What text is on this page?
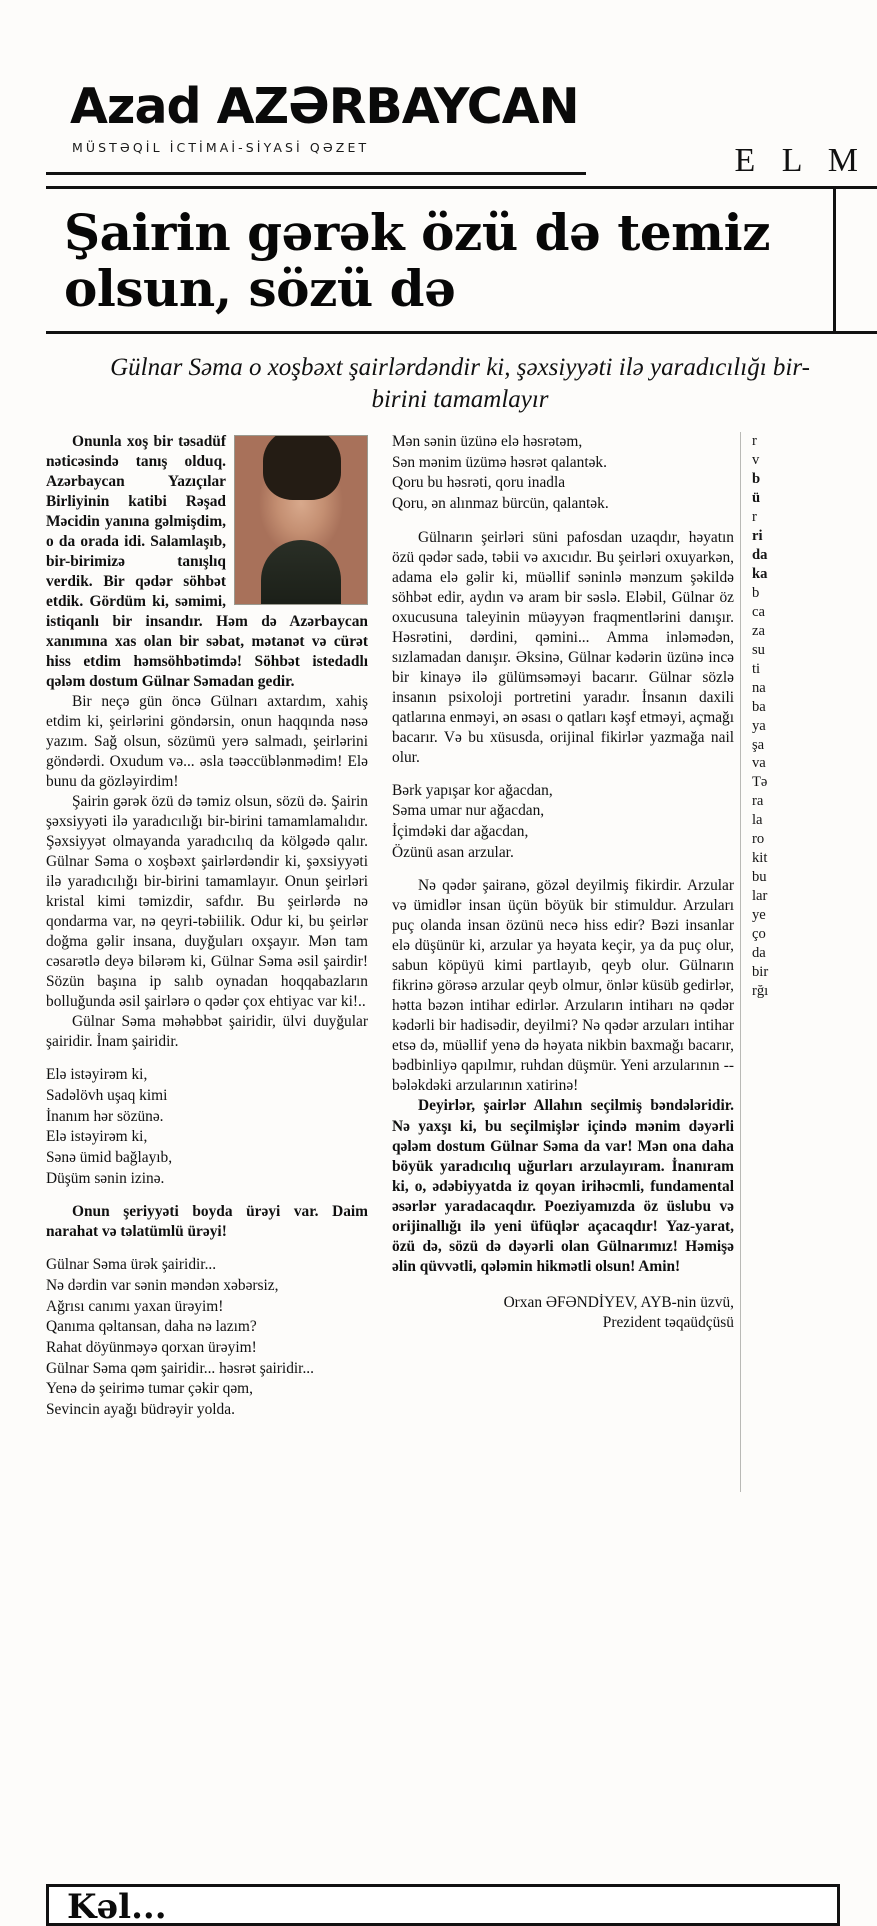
Azad AZƏRBAYCAN
MÜSTƏQİL İCTİMAİ-SİYASİ QƏZET	E L M
Şairin gərək özü də temiz olsun, sözü də
Gülnar Səma o xoşbəxt şairlərdəndir ki, şəxsiyyəti ilə yaradıcılığı bir-birini tamamlayır

Onunla xoş bir təsadüf nəticəsində tanış olduq. Azərbaycan Yazıçılar Birliyinin katibi Rəşad Məcidin yanına gəlmişdim, o da orada idi. Salamlaşıb, bir-birimizə tanışlıq verdik. Bir qədər söhbət etdik. Gördüm ki, səmimi, istiqanlı bir insandır. Həm də Azərbaycan xanımına xas olan bir səbat, mətanət və cürət hiss etdim həmsöhbətimdə! Söhbət istedadlı qələm dostum Gülnar Səmadan gedir.

Bir neçə gün öncə Gülnarı axtardım, xahiş etdim ki, şeirlərini göndərsin, onun haqqında nəsə yazım. Sağ olsun, sözümü yerə salmadı, şeirlərini göndərdi. Oxudum və... əsla təəccüblənmədim! Elə bunu da gözləyirdim!

Şairin gərək özü də təmiz olsun, sözü də. Şairin şəxsiyyəti ilə yaradıcılığı bir-birini tamamlamalıdır. Şəxsiyyət olmayanda yaradıcılıq da kölgədə qalır. Gülnar Səma o xoşbəxt şairlərdəndir ki, şəxsiyyəti ilə yaradıcılığı bir-birini tamamlayır. Onun şeirləri kristal kimi təmizdir, safdır. Bu şeirlərdə nə qondarma var, nə qeyri-təbiilik. Odur ki, bu şeirlər doğma gəlir insana, duyğuları oxşayır. Mən tam cəsarətlə deyə bilərəm ki, Gülnar Səma əsil şairdir! Sözün başına ip salıb oynadan hoqqabazların bolluğunda əsil şairlərə o qədər çox ehtiyac var ki!..

Gülnar Səma məhəbbət şairidir, ülvi duyğular şairidir. İnam şairidir.

Elə istəyirəm ki,

Sadəlövh uşaq kimi

İnanım hər sözünə.

Elə istəyirəm ki,

Sənə ümid bağlayıb,

Düşüm sənin izinə.

Onun şeriyyəti boyda ürəyi var. Daim narahat və təlatümlü ürəyi!

Gülnar Səma ürək şairidir...

Nə dərdin var sənin məndən xəbərsiz,

Ağrısı canımı yaxan ürəyim!

Qanıma qəltansan, daha nə lazım?

Rahat döyünməyə qorxan ürəyim!

Gülnar Səma qəm şairidir... həsrət şairidir...

Yenə də şeirimə tumar çəkir qəm,

Sevincin ayağı büdrəyir yolda.

Mən sənin üzünə elə həsrətəm,

Sən mənim üzümə həsrət qalantək.

Qoru bu həsrəti, qoru inadla

Qoru, ən alınmaz bürcün, qalantək.

Gülnarın şeirləri süni pafosdan uzaqdır, həyatın özü qədər sadə, təbii və axıcıdır. Bu şeirləri oxuyarkən, adama elə gəlir ki, müəllif səninlə mənzum şəkildə söhbət edir, aydın və aram bir səslə. Eləbil, Gülnar öz oxucusuna taleyinin müəyyən fraqmentlərini danışır. Həsrətini, dərdini, qəmini... Amma inləmədən, sızlamadan danışır. Əksinə, Gülnar kədərin üzünə incə bir kinayə ilə gülümsəməyi bacarır. Gülnar sözlə insanın psixoloji portretini yaradır. İnsanın daxili qatlarına enməyi, ən əsası o qatları kəşf etməyi, açmağı bacarır. Və bu xüsusda, orijinal fikirlər yazmağa nail olur.

Bərk yapışar kor ağacdan,

Səma umar nur ağacdan,

İçimdəki dar ağacdan,

Özünü asan arzular.

Nə qədər şairanə, gözəl deyilmiş fikirdir. Arzular və ümidlər insan üçün böyük bir stimuldur. Arzuları puç olanda insan özünü necə hiss edir? Bəzi insanlar elə düşünür ki, arzular ya həyata keçir, ya da puç olur, sabun köpüyü kimi partlayıb, qeyb olur. Gülnarın fikrinə görəsə arzular qeyb olmur, önlər küsüb gedirlər, hətta bəzən intihar edirlər. Arzuların intiharı nə qədər kədərli bir hadisədir, deyilmi? Nə qədər arzuları intihar etsə də, müəllif yenə də həyata nikbin baxmağı bacarır, bədbinliyə qapılmır, ruhdan düşmür. Yeni arzularının -- bələkdəki arzularının xatirinə!

Deyirlər, şairlər Allahın seçilmiş bəndələridir. Nə yaxşı ki, bu seçilmişlər içində mənim dəyərli qələm dostum Gülnar Səma da var! Mən ona daha böyük yaradıcılıq uğurları arzulayıram. İnanıram ki, o, ədəbiyyatda iz qoyan irihəcmli, fundamental əsərlər yaradacaqdır. Poeziyamızda öz üslubu və orijinallığı ilə yeni üfüqlər açacaqdır! Yaz-yarat, özü də, sözü də dəyərli olan Gülnarımız! Həmişə əlin qüvvətli, qələmin hikmətli olsun! Amin!

Orxan ƏFƏNDİYEV, AYB-nin üzvü,
Prezident təqaüdçüsü

r

v

b

ü

r

ri

da

ka

b

ca

za

su

ti

na

ba

ya

şa

va

Tə

ra

la

ro

kit

bu

lar

ye

ço

da

bir

rğı

Kəl...
